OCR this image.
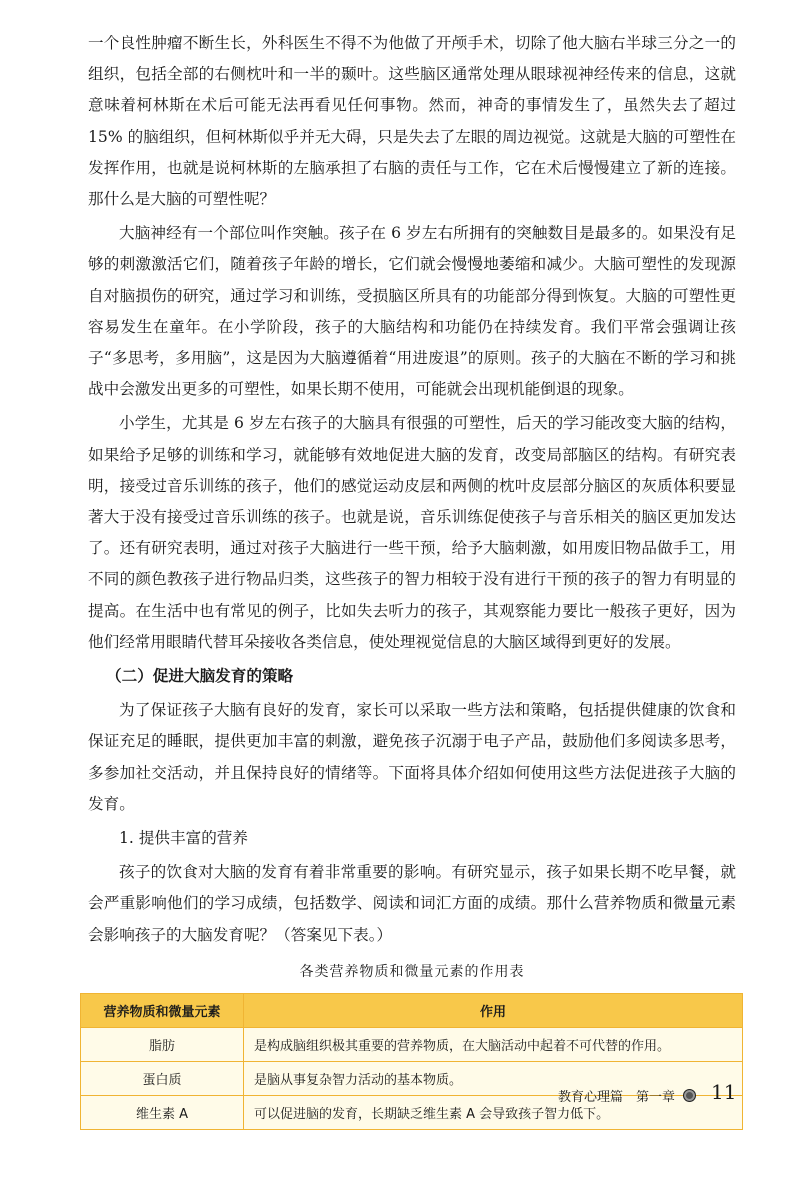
一个良性肿瘤不断生长，外科医生不得不为他做了开颅手术，切除了他大脑右半球三分之一的组织，包括全部的右侧枕叶和一半的颞叶。这些脑区通常处理从眼球视神经传来的信息，这就意味着柯林斯在术后可能无法再看见任何事物。然而，神奇的事情发生了，虽然失去了超过 15% 的脑组织，但柯林斯似乎并无大碍，只是失去了左眼的周边视觉。这就是大脑的可塑性在发挥作用，也就是说柯林斯的左脑承担了右脑的责任与工作，它在术后慢慢建立了新的连接。那什么是大脑的可塑性呢？

大脑神经有一个部位叫作突触。孩子在 6 岁左右所拥有的突触数目是最多的。如果没有足够的刺激激活它们，随着孩子年龄的增长，它们就会慢慢地萎缩和减少。大脑可塑性的发现源自对脑损伤的研究，通过学习和训练，受损脑区所具有的功能部分得到恢复。大脑的可塑性更容易发生在童年。在小学阶段，孩子的大脑结构和功能仍在持续发育。我们平常会强调让孩子“多思考，多用脑”，这是因为大脑遵循着“用进废退”的原则。孩子的大脑在不断的学习和挑战中会激发出更多的可塑性，如果长期不使用，可能就会出现机能倒退的现象。

小学生，尤其是 6 岁左右孩子的大脑具有很强的可塑性，后天的学习能改变大脑的结构，如果给予足够的训练和学习，就能够有效地促进大脑的发育，改变局部脑区的结构。有研究表明，接受过音乐训练的孩子，他们的感觉运动皮层和两侧的枕叶皮层部分脑区的灰质体积要显著大于没有接受过音乐训练的孩子。也就是说，音乐训练促使孩子与音乐相关的脑区更加发达了。还有研究表明，通过对孩子大脑进行一些干预，给予大脑刺激，如用废旧物品做手工，用不同的颜色教孩子进行物品归类，这些孩子的智力相较于没有进行干预的孩子的智力有明显的提高。在生活中也有常见的例子，比如失去听力的孩子，其观察能力要比一般孩子更好，因为他们经常用眼睛代替耳朵接收各类信息，使处理视觉信息的大脑区域得到更好的发展。

（二）促进大脑发育的策略

为了保证孩子大脑有良好的发育，家长可以采取一些方法和策略，包括提供健康的饮食和保证充足的睡眠，提供更加丰富的刺激，避免孩子沉溺于电子产品，鼓励他们多阅读多思考，多参加社交活动，并且保持良好的情绪等。下面将具体介绍如何使用这些方法促进孩子大脑的发育。

1. 提供丰富的营养

孩子的饮食对大脑的发育有着非常重要的影响。有研究显示，孩子如果长期不吃早餐，就会严重影响他们的学习成绩，包括数学、阅读和词汇方面的成绩。那什么营养物质和微量元素会影响孩子的大脑发育呢？（答案见下表。）

各类营养物质和微量元素的作用表
营养物质和微量元素	作用
脂肪	是构成脑组织极其重要的营养物质，在大脑活动中起着不可代替的作用。
蛋白质	是脑从事复杂智力活动的基本物质。
维生素 A	可以促进脑的发育，长期缺乏维生素 A 会导致孩子智力低下。
教育心理篇　第一章 11
